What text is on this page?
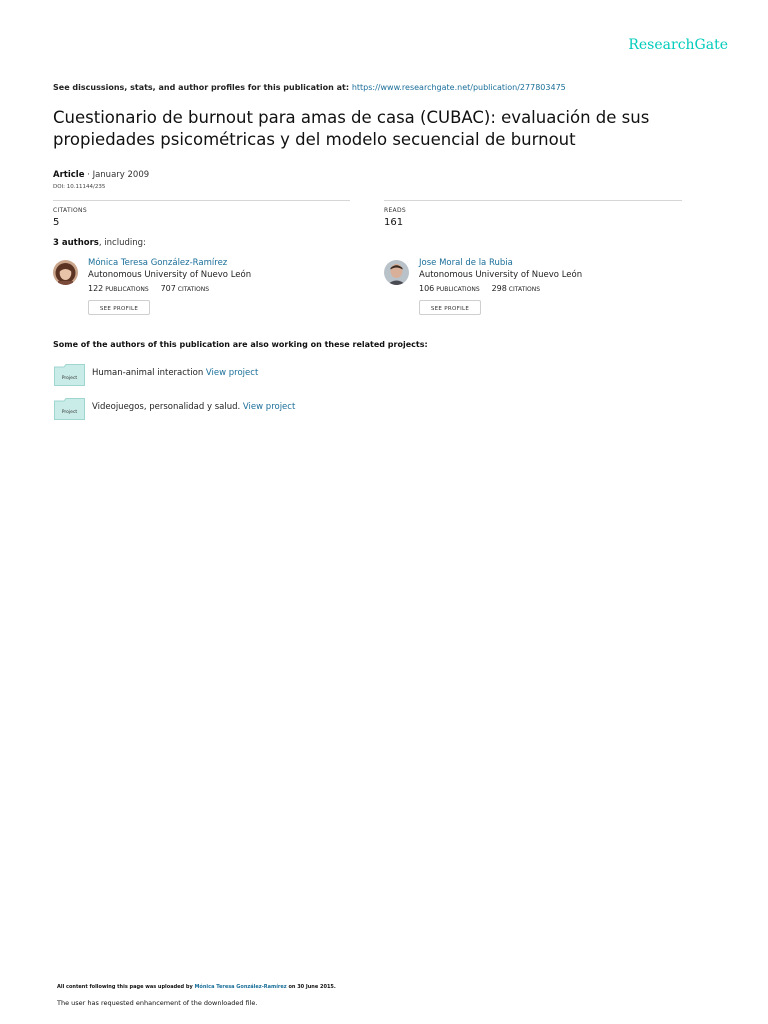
ResearchGate
See discussions, stats, and author profiles for this publication at: https://www.researchgate.net/publication/277803475
Cuestionario de burnout para amas de casa (CUBAC): evaluación de sus propiedades psicométricas y del modelo secuencial de burnout
Article · January 2009
DOI: 10.11144/235
CITATIONS
5
READS
161
3 authors, including:
Mónica Teresa González-Ramírez
Autonomous University of Nuevo León
122 PUBLICATIONS 707 CITATIONS
SEE PROFILE
Jose Moral de la Rubia
Autonomous University of Nuevo León
106 PUBLICATIONS 298 CITATIONS
SEE PROFILE
Some of the authors of this publication are also working on these related projects:
Project
Human-animal interaction View project
Project
Videojuegos, personalidad y salud. View project
All content following this page was uploaded by Mónica Teresa González-Ramírez on 30 June 2015.
The user has requested enhancement of the downloaded file.
